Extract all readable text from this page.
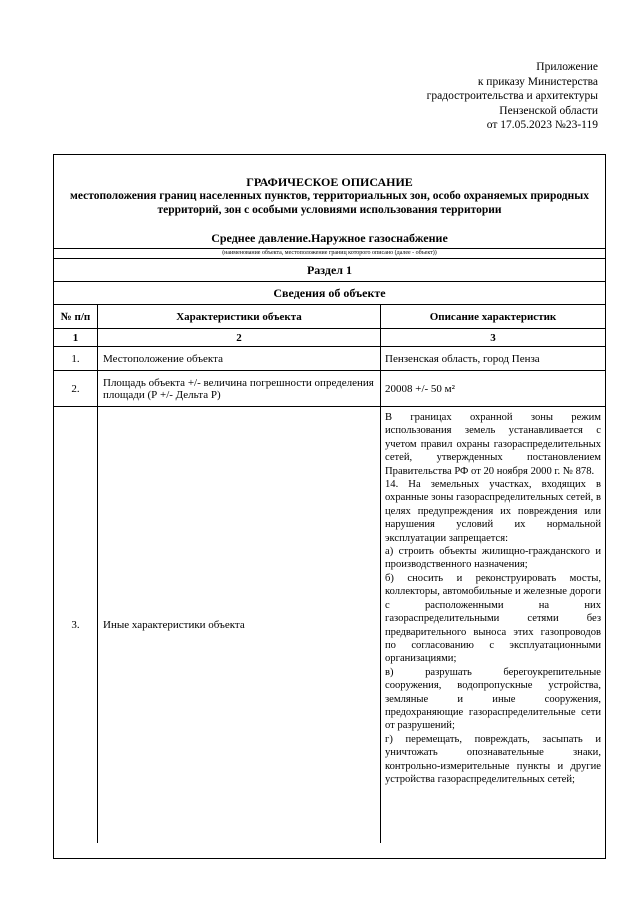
Приложение
к приказу Министерства
градостроительства и архитектуры
Пензенской области
от 17.05.2023 №23-119
ГРАФИЧЕСКОЕ ОПИСАНИЕ
местоположения границ населенных пунктов, территориальных зон, особо охраняемых природных территорий, зон с особыми условиями использования территории
Среднее давление.Наружное газоснабжение
(наименование объекта, местоположение границ которого описано (далее - объект))
Раздел 1
Сведения об объекте
№ п/п	Характеристики объекта	Описание характеристик
1	2	3
1.	Местоположение объекта	Пензенская область, город Пенза
2.	Площадь объекта +/- величина погрешности определения площади (Р +/- Дельта Р)	20008 +/- 50 м²
3.	Иные характеристики объекта

В границах охранной зоны режим использования земель устанавливается с учетом правил охраны газораспределительных сетей, утвержденных постановлением Правительства РФ от 20 ноября 2000 г. № 878.

14. На земельных участках, входящих в охранные зоны газораспределительных сетей, в целях предупреждения их повреждения или нарушения условий их нормальной эксплуатации запрещается:

а) строить объекты жилищно-гражданского и производственного назначения;

б) сносить и реконструировать мосты, коллекторы, автомобильные и железные дороги с расположенными на них газораспределительными сетями без предварительного выноса этих газопроводов по согласованию с эксплуатационными организациями;

в) разрушать берегоукрепительные сооружения, водопропускные устройства, земляные и иные сооружения, предохраняющие газораспределительные сети от разрушений;

г) перемещать, повреждать, засыпать и уничтожать опознавательные знаки, контрольно-измерительные пункты и другие устройства газораспределительных сетей;
